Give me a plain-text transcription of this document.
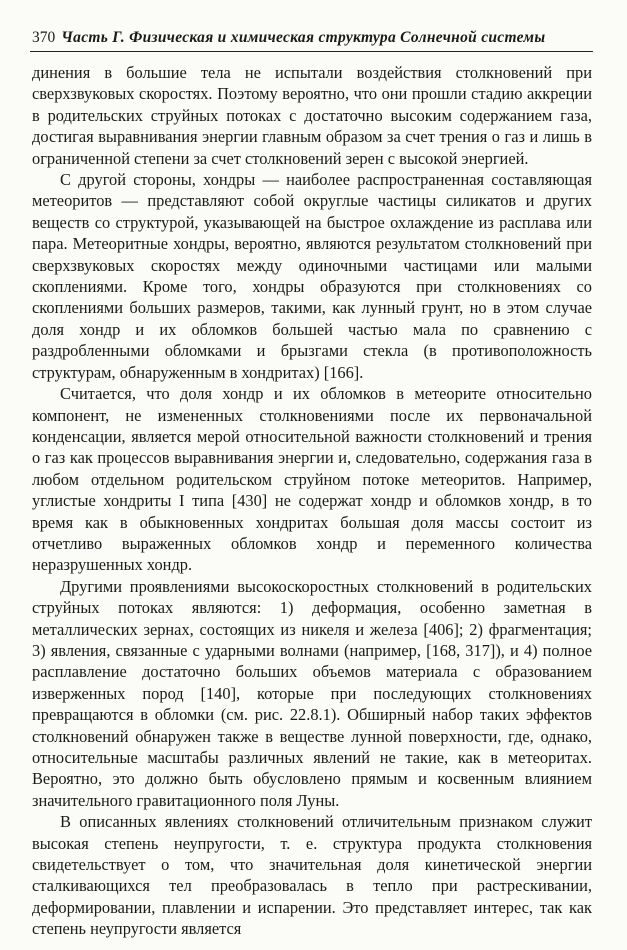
370 Часть Г. Физическая и химическая структура Солнечной системы

динения в большие тела не испытали воздействия столкновений при сверхзвуковых скоростях. Поэтому вероятно, что они прошли стадию аккреции в родительских струйных потоках с достаточно высоким содержанием газа, достигая выравнивания энергии главным образом за счет трения о газ и лишь в ограниченной степени за счет столкновений зерен с высокой энергией.

С другой стороны, хондры — наиболее распространенная составляющая метеоритов — представляют собой округлые частицы силикатов и других веществ со структурой, указывающей на быстрое охлаждение из расплава или пара. Метеоритные хондры, вероятно, являются результатом столкновений при сверхзвуковых скоростях между одиночными частицами или малыми скоплениями. Кроме того, хондры образуются при столкновениях со скоплениями больших размеров, такими, как лунный грунт, но в этом случае доля хондр и их обломков большей частью мала по сравнению с раздробленными обломками и брызгами стекла (в противоположность структурам, обнаруженным в хондритах) [166].

Считается, что доля хондр и их обломков в метеорите относительно компонент, не измененных столкновениями после их первоначальной конденсации, является мерой относительной важности столкновений и трения о газ как процессов выравнивания энергии и, следовательно, содержания газа в любом отдельном родительском струйном потоке метеоритов. Например, углистые хондриты I типа [430] не содержат хондр и обломков хондр, в то время как в обыкновенных хондритах большая доля массы состоит из отчетливо выраженных обломков хондр и переменного количества неразрушенных хондр.

Другими проявлениями высокоскоростных столкновений в родительских струйных потоках являются: 1) деформация, особенно заметная в металлических зернах, состоящих из никеля и железа [406]; 2) фрагментация; 3) явления, связанные с ударными волнами (например, [168, 317]), и 4) полное расплавление достаточно больших объемов материала с образованием изверженных пород [140], которые при последующих столкновениях превращаются в обломки (см. рис. 22.8.1). Обширный набор таких эффектов столкновений обнаружен также в веществе лунной поверхности, где, однако, относительные масштабы различных явлений не такие, как в метеоритах. Вероятно, это должно быть обусловлено прямым и косвенным влиянием значительного гравитационного поля Луны.

В описанных явлениях столкновений отличительным признаком служит высокая степень неупругости, т. е. структура продукта столкновения свидетельствует о том, что значительная доля кинетической энергии сталкивающихся тел преобразовалась в тепло при растрескивании, деформировании, плавлении и испарении. Это представляет интерес, так как степень неупругости является
